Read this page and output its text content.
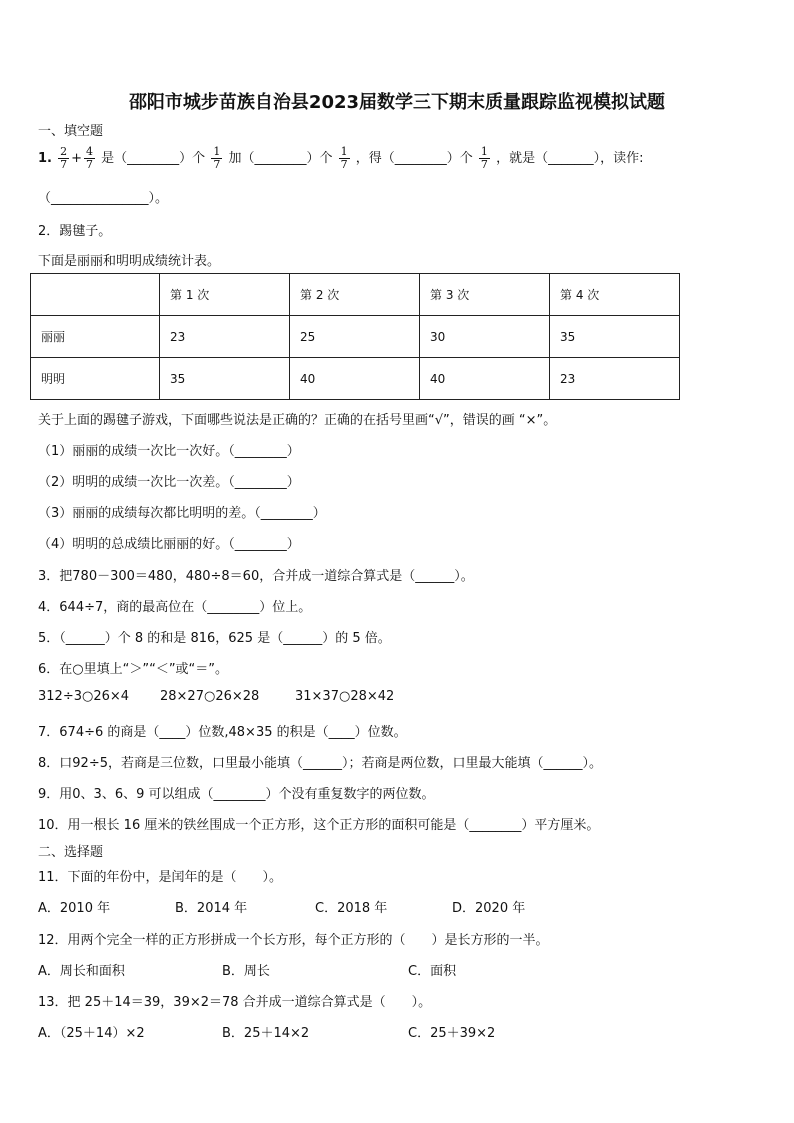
邵阳市城步苗族自治县2023届数学三下期末质量跟踪监视模拟试题
一、填空题
1. $\frac{2}{7} + \frac{4}{7}$ 是（________）个 $\frac{1}{7}$ 加（________）个 $\frac{1}{7}$ ，得（________）个 $\frac{1}{7}$ ，就是（_______），读作:
（_______________）。
2．踢毽子。
下面是丽丽和明明成绩统计表。
	第 1 次	第 2 次	第 3 次	第 4 次
丽丽	23	25	30	35
明明	35	40	40	23
关于上面的踢毽子游戏，下面哪些说法是正确的？正确的在括号里画“√”，错误的画 “×”。
（1）丽丽的成绩一次比一次好。（________）
（2）明明的成绩一次比一次差。（________）
（3）丽丽的成绩每次都比明明的差。（________）
（4）明明的总成绩比丽丽的好。（________）
3．把780－300＝480，480÷8＝60，合并成一道综合算式是（______）。
4．644÷7，商的最高位在（________）位上。
5．（______）个 8 的和是 816，625 是（______）的 5 倍。
6．在○里填上“＞”“＜”或“＝”。
312÷3○26×4 28×27○26×28	31×37○28×42
7．674÷6 的商是（____）位数,48×35 的积是（____）位数。
8．口92÷5，若商是三位数，口里最小能填（______）；若商是两位数，口里最大能填（______）。
9．用0、3、6、9 可以组成（________）个没有重复数字的两位数。
10．用一根长 16 厘米的铁丝围成一个正方形，这个正方形的面积可能是（________）平方厘米。
二、选择题
11．下面的年份中，是闰年的是（　　）。
A．2010 年	B．2014 年	C．2018 年	D．2020 年
12．用两个完全一样的正方形拼成一个长方形，每个正方形的（　　）是长方形的一半。
A．周长和面积	B．周长	C．面积
13．把 25＋14＝39，39×2＝78 合并成一道综合算式是（　　）。
A．（25＋14）×2	B．25＋14×2	C．25＋39×2
